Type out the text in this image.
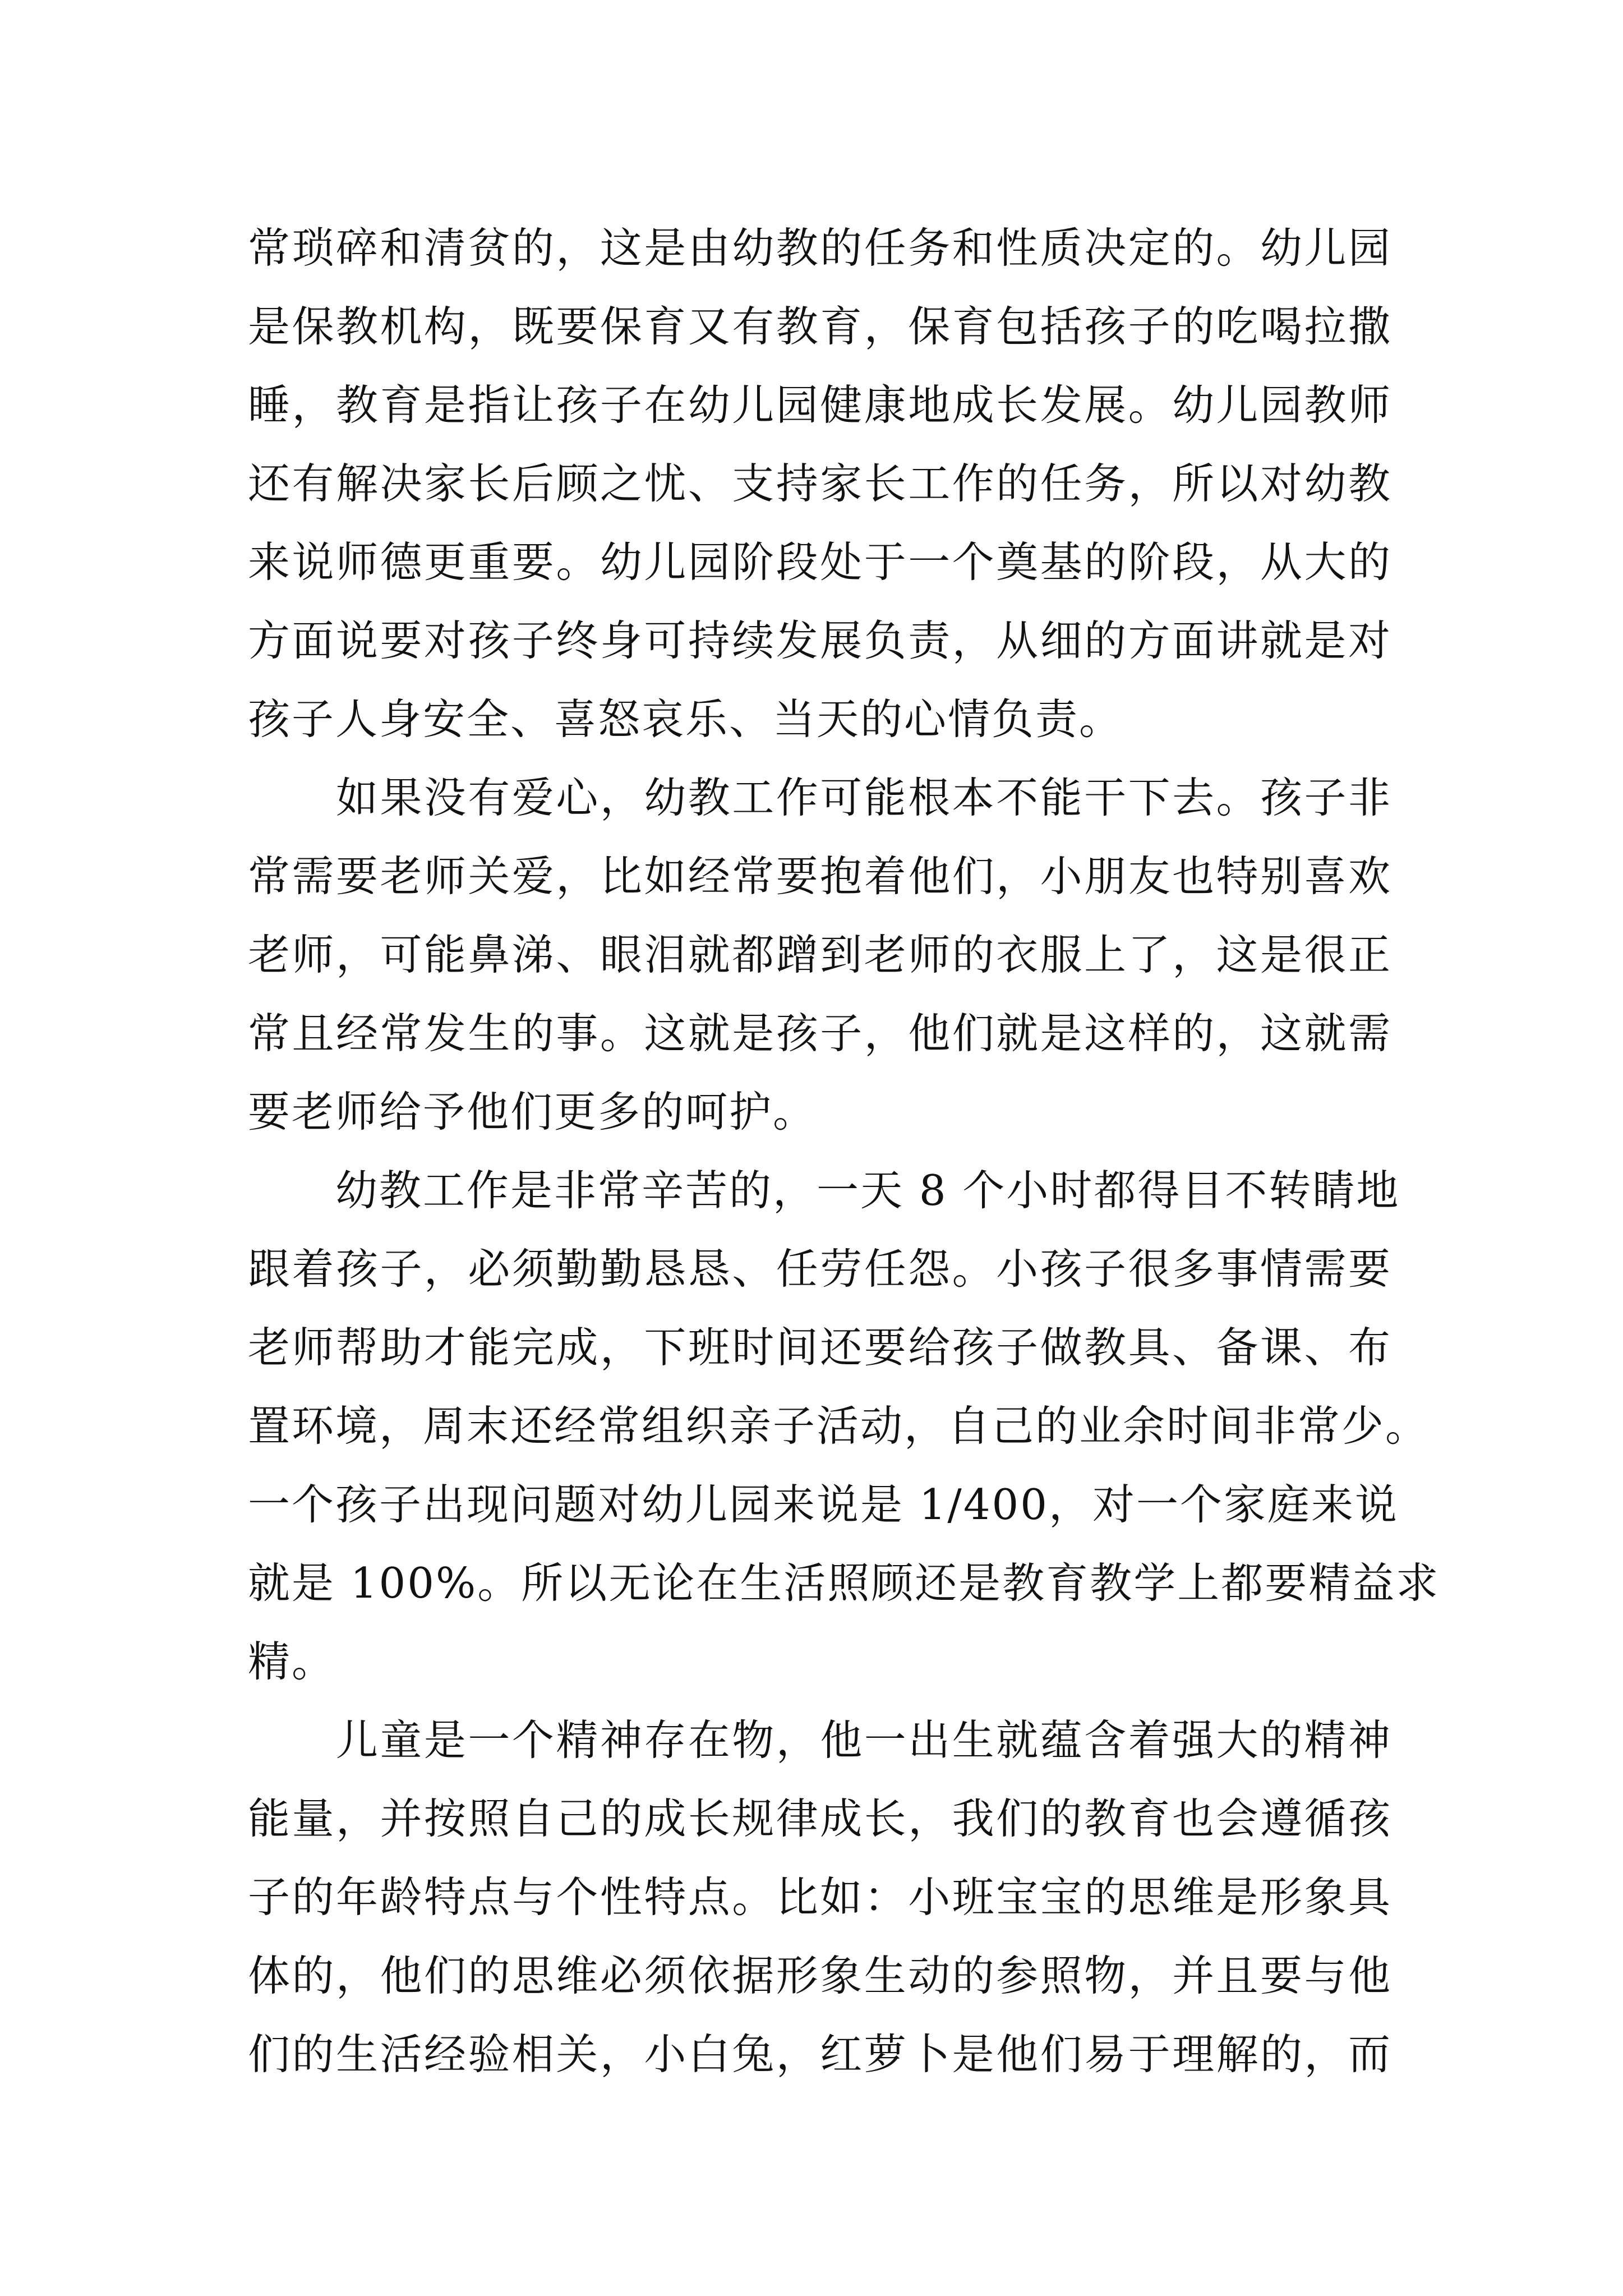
常琐碎和清贫的，这是由幼教的任务和性质决定的。幼儿园
是保教机构，既要保育又有教育，保育包括孩子的吃喝拉撒
睡，教育是指让孩子在幼儿园健康地成长发展。幼儿园教师
还有解决家长后顾之忧、支持家长工作的任务，所以对幼教
来说师德更重要。幼儿园阶段处于一个奠基的阶段，从大的
方面说要对孩子终身可持续发展负责，从细的方面讲就是对
孩子人身安全、喜怒哀乐、当天的心情负责。
　　如果没有爱心，幼教工作可能根本不能干下去。孩子非
常需要老师关爱，比如经常要抱着他们，小朋友也特别喜欢
老师，可能鼻涕、眼泪就都蹭到老师的衣服上了，这是很正
常且经常发生的事。这就是孩子，他们就是这样的，这就需
要老师给予他们更多的呵护。
　　幼教工作是非常辛苦的，一天 8 个小时都得目不转睛地
跟着孩子，必须勤勤恳恳、任劳任怨。小孩子很多事情需要
老师帮助才能完成，下班时间还要给孩子做教具、备课、布
置环境，周末还经常组织亲子活动，自己的业余时间非常少。
一个孩子出现问题对幼儿园来说是 1/400，对一个家庭来说
就是 100%。所以无论在生活照顾还是教育教学上都要精益求
精。
　　儿童是一个精神存在物，他一出生就蕴含着强大的精神
能量，并按照自己的成长规律成长，我们的教育也会遵循孩
子的年龄特点与个性特点。比如：小班宝宝的思维是形象具
体的，他们的思维必须依据形象生动的参照物，并且要与他
们的生活经验相关，小白兔，红萝卜是他们易于理解的，而
